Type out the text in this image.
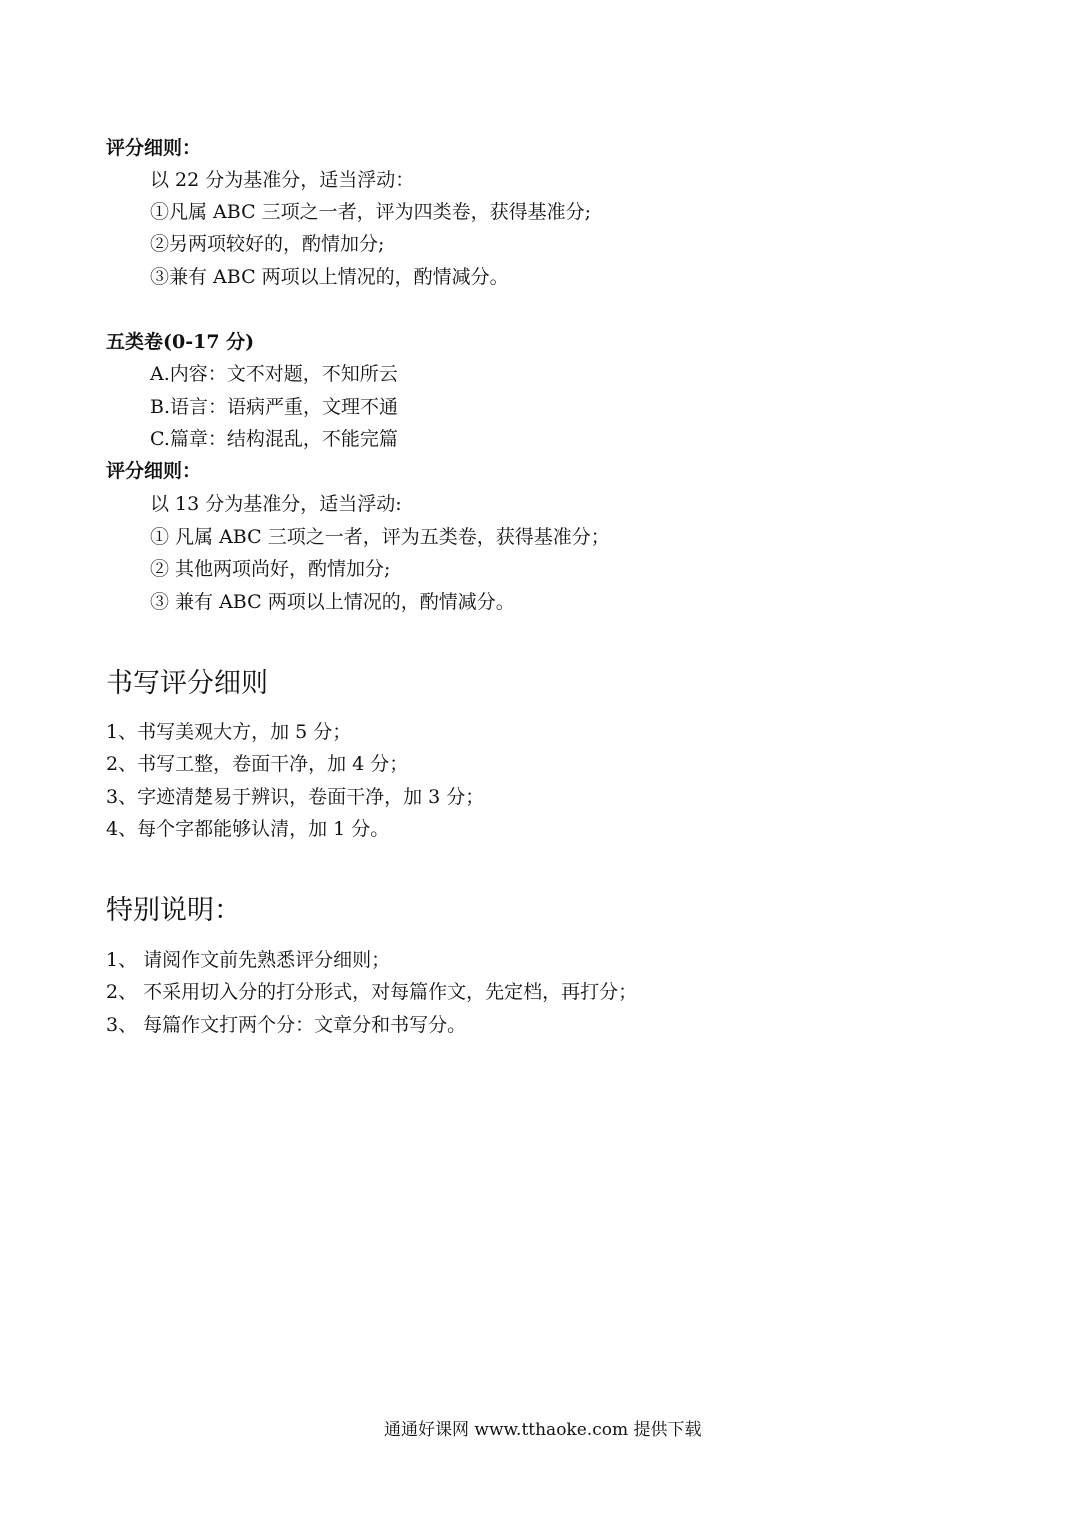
评分细则：
以 22 分为基准分，适当浮动：
①凡属 ABC 三项之一者，评为四类卷，获得基准分;
②另两项较好的，酌情加分;
③兼有 ABC 两项以上情况的，酌情减分。
五类卷(0-17 分)
A.内容：文不对题，不知所云
B.语言：语病严重，文理不通
C.篇章：结构混乱，不能完篇
评分细则：
以 13 分为基准分，适当浮动:
① 凡属 ABC 三项之一者，评为五类卷，获得基准分；
② 其他两项尚好，酌情加分;
③ 兼有 ABC 两项以上情况的，酌情减分。
书写评分细则
1、书写美观大方，加 5 分；
2、书写工整，卷面干净，加 4 分；
3、字迹清楚易于辨识，卷面干净，加 3 分；
4、每个字都能够认清，加 1 分。
特别说明：
1、 请阅作文前先熟悉评分细则；
2、 不采用切入分的打分形式，对每篇作文，先定档，再打分；
3、 每篇作文打两个分：文章分和书写分。
通通好课网 www.tthaoke.com 提供下载
